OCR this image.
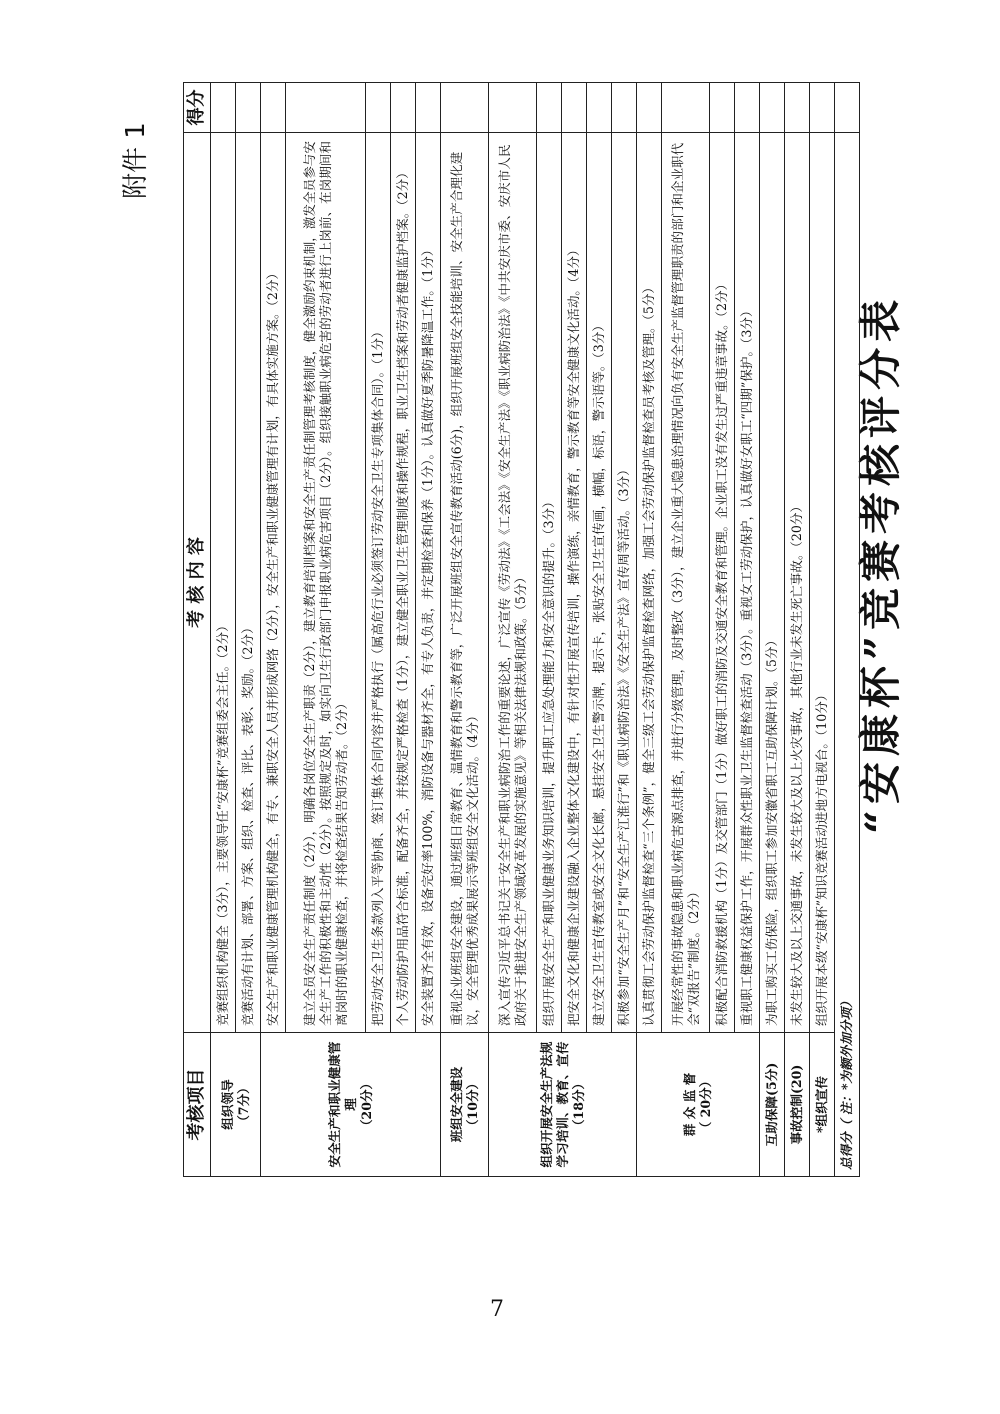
7
附件 1
“安康杯”竞赛考核评分表
考核项目	考 核 内 容	得分
组织领导
（7分）	竞赛组织机构健全（3分），主要领导任“安康杯”竞赛组委会主任。（2分）	
	竞赛活动有计划、部署、方案、组织、检查、评比、表彰、奖励。（2分）	
安全生产和职业健康管理
（20分）	安全生产和职业健康管理机构健全，有专、兼职安全人员并形成网络（2分），安全生产和职业健康管理有计划，有具体实施方案。（2分）	
	建立全员安全生产责任制度（2分），明确各岗位安全生产职责（2分），建立教育培训档案和安全生产责任制管理考核制度，健全激励约束机制，激发全员参与安全生产工作的积极性和主动性（2分）。按照规定及时，如实向卫生行政部门申报职业病危害项目（2分）。组织接触职业病危害的劳动者进行上岗前、在岗期间和离岗时的职业健康检查，并将检查结果告知劳动者。（2分）	
	把劳动安全卫生条款列入平等协商、签订集体合同内容并严格执行（属高危行业必须签订劳动安全卫生专项集体合同）。（1分）	
	个人劳动防护用品符合标准，配备齐全，并按规定严格检查（1分），建立健全职业卫生管理制度和操作规程，职业卫生档案和劳动者健康监护档案。（2分）	
	安全装置齐全有效，设备完好率100%，消防设备与器材齐全，有专人负责，并定期检查和保养（1分）。认真做好夏季防暑降温工作。（1分）	
班组安全建设
（10分）	重视企业班组安全建设，通过班组日常教育、温情教育和警示教育等，广泛开展班组安全宣传教育活动(6分)，组织开展班组安全技能培训、安全生产合理化建议，安全管理优秀成果展示等班组安全文化活动。（4分）	
组织开展安全生产法规学习培训、教育、宣传
（18分）	深入宣传习近平总书记关于安全生产和职业病防治工作的重要论述，广泛宣传《劳动法》《工会法》《安全生产法》《职业病防治法》《中共安庆市委、安庆市人民政府关于推进安全生产领域改革发展的实施意见》等相关法律法规和政策。（5分）	
	组织开展安全生产和职业健康业务知识培训，提升职工应急处理能力和安全意识的提升。（3分）	
	把安全文化和健康企业建设融入企业整体文化建设中，有针对性开展宣传培训，操作演练，亲情教育，警示教育等安全健康文化活动。（4分）	
	建立安全卫生宣传教室或安全文化长廊，悬挂安全卫生警示牌，提示卡，张贴安全卫生宣传画，横幅，标语，警示语等。（3分）	
	积极参加“安全生产月”和“安全生产江淮行”和《职业病防治法》《安全生产法》宣传周等活动。（3分）	
群 众 监 督
（ 20分）	认真贯彻工会劳动保护监督检查“三个条例”，健全三级工会劳动保护监督检查网络，加强工会劳动保护监督检查员考核及管理。（5分）	
	开展经常性的事故隐患和职业病危害源点排查，并进行分级管理，及时整改（3分），建立企业重大隐患治理情况向负有安全生产监督管理职责的部门和企业职代会“双报告”制度。（2分）	
	积极配合消防救援机构（1分）及交管部门（1分）做好职工的消防及交通安全教育和管理。企业职工没有发生过严重违章事故。（2分）	
	重视职工健康权益保护工作，开展群众性职业卫生监督检查活动（3分）。重视女工劳动保护，认真做好女职工“四期”保护。（3分）	
互助保障(5分)	为职工购买工伤保险，组织职工参加安徽省职工互助保障计划。（5分）	
事故控制(20)	未发生较大及以上交通事故，未发生较大及以上火灾事故，其他行业未发生死亡事故。（20分）	
*组织宣传	组织开展本级“安康杯”知识竞赛活动进地方电视台。（10分）	
总得分（ 注：*为额外加分项）		
